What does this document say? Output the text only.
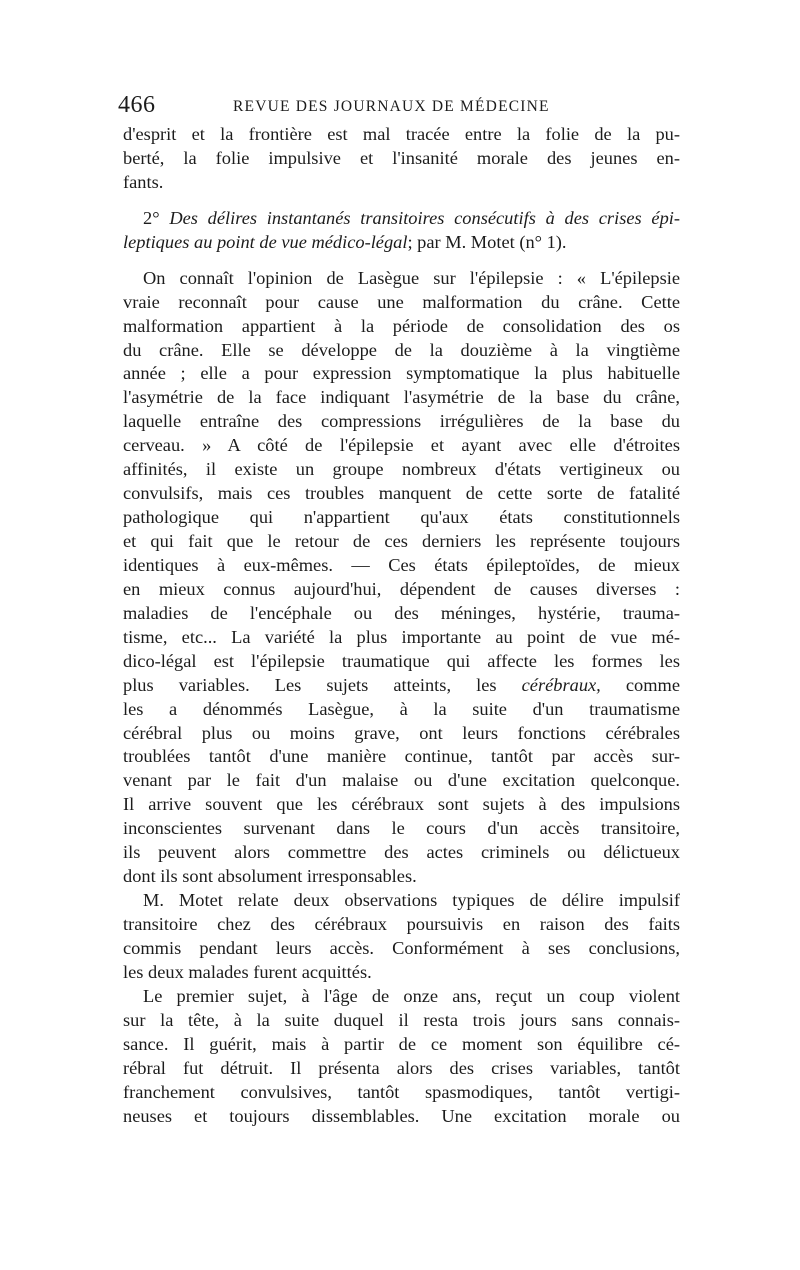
466	REVUE DES JOURNAUX DE MÉDECINE
d'esprit et la frontière est mal tracée entre la folie de la pu-
berté, la folie impulsive et l'insanité morale des jeunes en-
fants.
2° Des délires instantanés transitoires consécutifs à des crises épi-
leptiques au point de vue médico-légal; par M. Motet (n° 1).
On connaît l'opinion de Lasègue sur l'épilepsie : « L'épilepsie
vraie reconnaît pour cause une malformation du crâne. Cette
malformation appartient à la période de consolidation des os
du crâne. Elle se développe de la douzième à la vingtième
année ; elle a pour expression symptomatique la plus habituelle
l'asymétrie de la face indiquant l'asymétrie de la base du crâne,
laquelle entraîne des compressions irrégulières de la base du
cerveau. » A côté de l'épilepsie et ayant avec elle d'étroites
affinités, il existe un groupe nombreux d'états vertigineux ou
convulsifs, mais ces troubles manquent de cette sorte de fatalité
pathologique qui n'appartient qu'aux états constitutionnels
et qui fait que le retour de ces derniers les représente toujours
identiques à eux-mêmes. — Ces états épileptoïdes, de mieux
en mieux connus aujourd'hui, dépendent de causes diverses :
maladies de l'encéphale ou des méninges, hystérie, trauma-
tisme, etc... La variété la plus importante au point de vue mé-
dico-légal est l'épilepsie traumatique qui affecte les formes les
plus variables. Les sujets atteints, les cérébraux, comme
les a dénommés Lasègue, à la suite d'un traumatisme
cérébral plus ou moins grave, ont leurs fonctions cérébrales
troublées tantôt d'une manière continue, tantôt par accès sur-
venant par le fait d'un malaise ou d'une excitation quelconque.
Il arrive souvent que les cérébraux sont sujets à des impulsions
inconscientes survenant dans le cours d'un accès transitoire,
ils peuvent alors commettre des actes criminels ou délictueux
dont ils sont absolument irresponsables.
M. Motet relate deux observations typiques de délire impulsif
transitoire chez des cérébraux poursuivis en raison des faits
commis pendant leurs accès. Conformément à ses conclusions,
les deux malades furent acquittés.
Le premier sujet, à l'âge de onze ans, reçut un coup violent
sur la tête, à la suite duquel il resta trois jours sans connais-
sance. Il guérit, mais à partir de ce moment son équilibre cé-
rébral fut détruit. Il présenta alors des crises variables, tantôt
franchement convulsives, tantôt spasmodiques, tantôt vertigi-
neuses et toujours dissemblables. Une excitation morale ou
